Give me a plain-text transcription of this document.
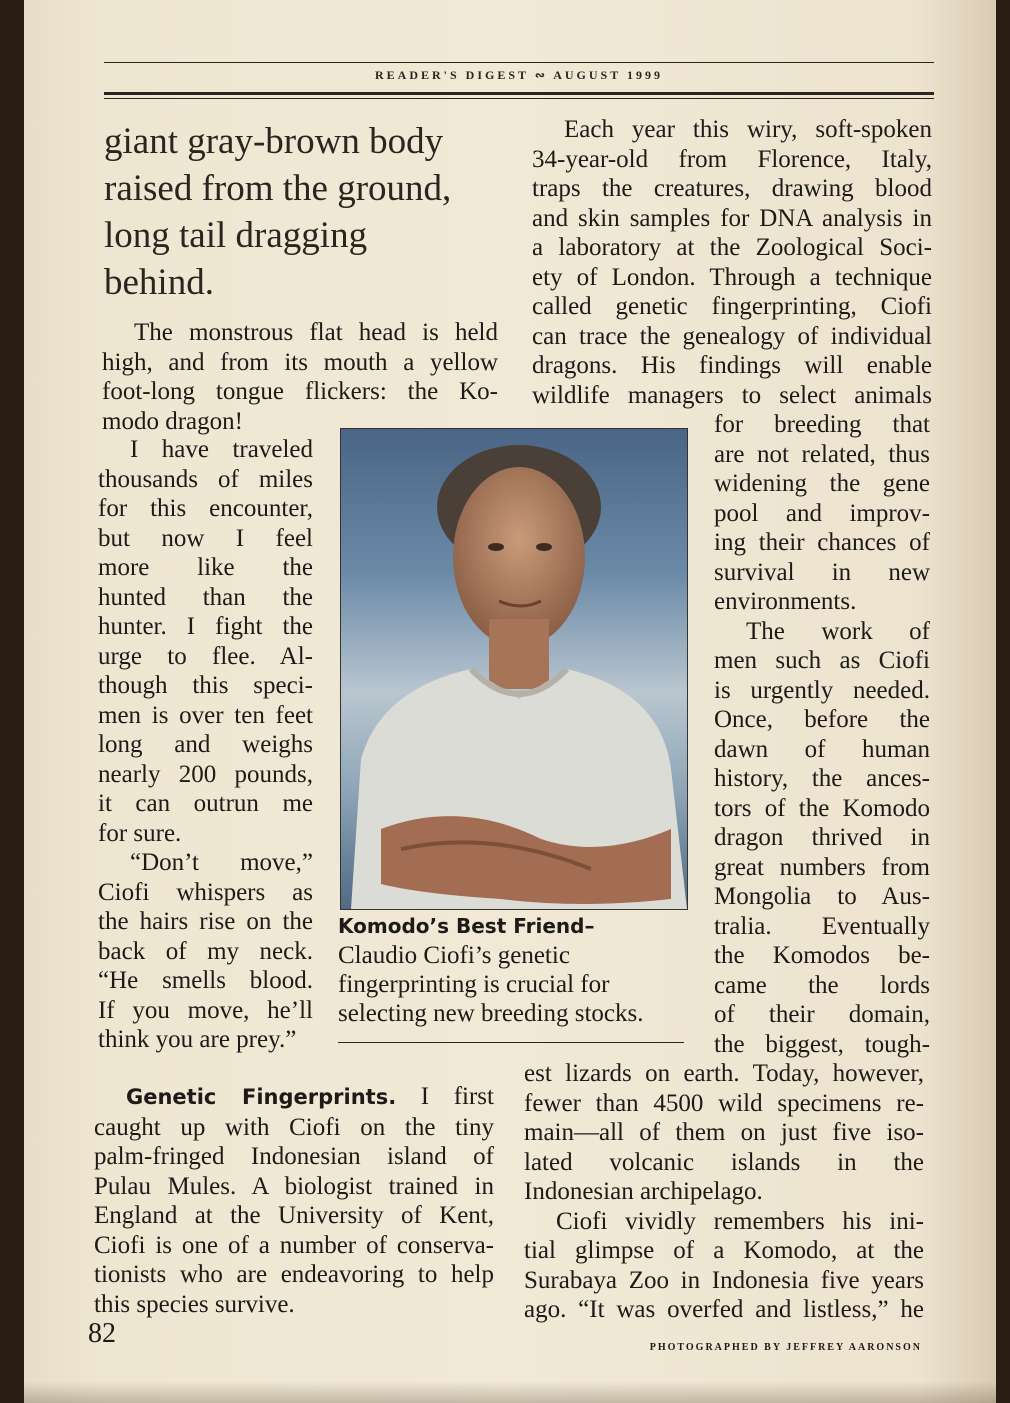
READER'S DIGEST ∾ AUGUST 1999
giant gray-brown body
raised from the ground,
long tail dragging
behind.
The monstrous flat head is held
high, and from its mouth a yellow
foot-long tongue flickers: the Ko-
modo dragon!
I have traveled
thousands of miles
for this encounter,
but now I feel
more like the
hunted than the
hunter. I fight the
urge to flee. Al-
though this speci-
men is over ten feet
long and weighs
nearly 200 pounds,
it can outrun me
for sure.
“Don’t move,”
Ciofi whispers as
the hairs rise on the
back of my neck.
“He smells blood.
If you move, he’ll
think you are prey.”
Genetic Fingerprints. I first
caught up with Ciofi on the tiny
palm-fringed Indonesian island of
Pulau Mules. A biologist trained in
England at the University of Kent,
Ciofi is one of a number of conserva-
tionists who are endeavoring to help
this species survive.
Komodo’s Best Friend–
Claudio Ciofi’s genetic
fingerprinting is crucial for
selecting new breeding stocks.
Each year this wiry, soft-spoken
34-year-old from Florence, Italy,
traps the creatures, drawing blood
and skin samples for DNA analysis in
a laboratory at the Zoological Soci-
ety of London. Through a technique
called genetic fingerprinting, Ciofi
can trace the genealogy of individual
dragons. His findings will enable
wildlife managers to select animals
for breeding that
are not related, thus
widening the gene
pool and improv-
ing their chances of
survival in new
environments.
The work of
men such as Ciofi
is urgently needed.
Once, before the
dawn of human
history, the ances-
tors of the Komodo
dragon thrived in
great numbers from
Mongolia to Aus-
tralia. Eventually
the Komodos be-
came the lords
of their domain,
the biggest, tough-
est lizards on earth. Today, however,
fewer than 4500 wild specimens re-
main—all of them on just five iso-
lated volcanic islands in the
Indonesian archipelago.
Ciofi vividly remembers his ini-
tial glimpse of a Komodo, at the
Surabaya Zoo in Indonesia five years
ago. “It was overfed and listless,” he
82	PHOTOGRAPHED BY JEFFREY AARONSON
